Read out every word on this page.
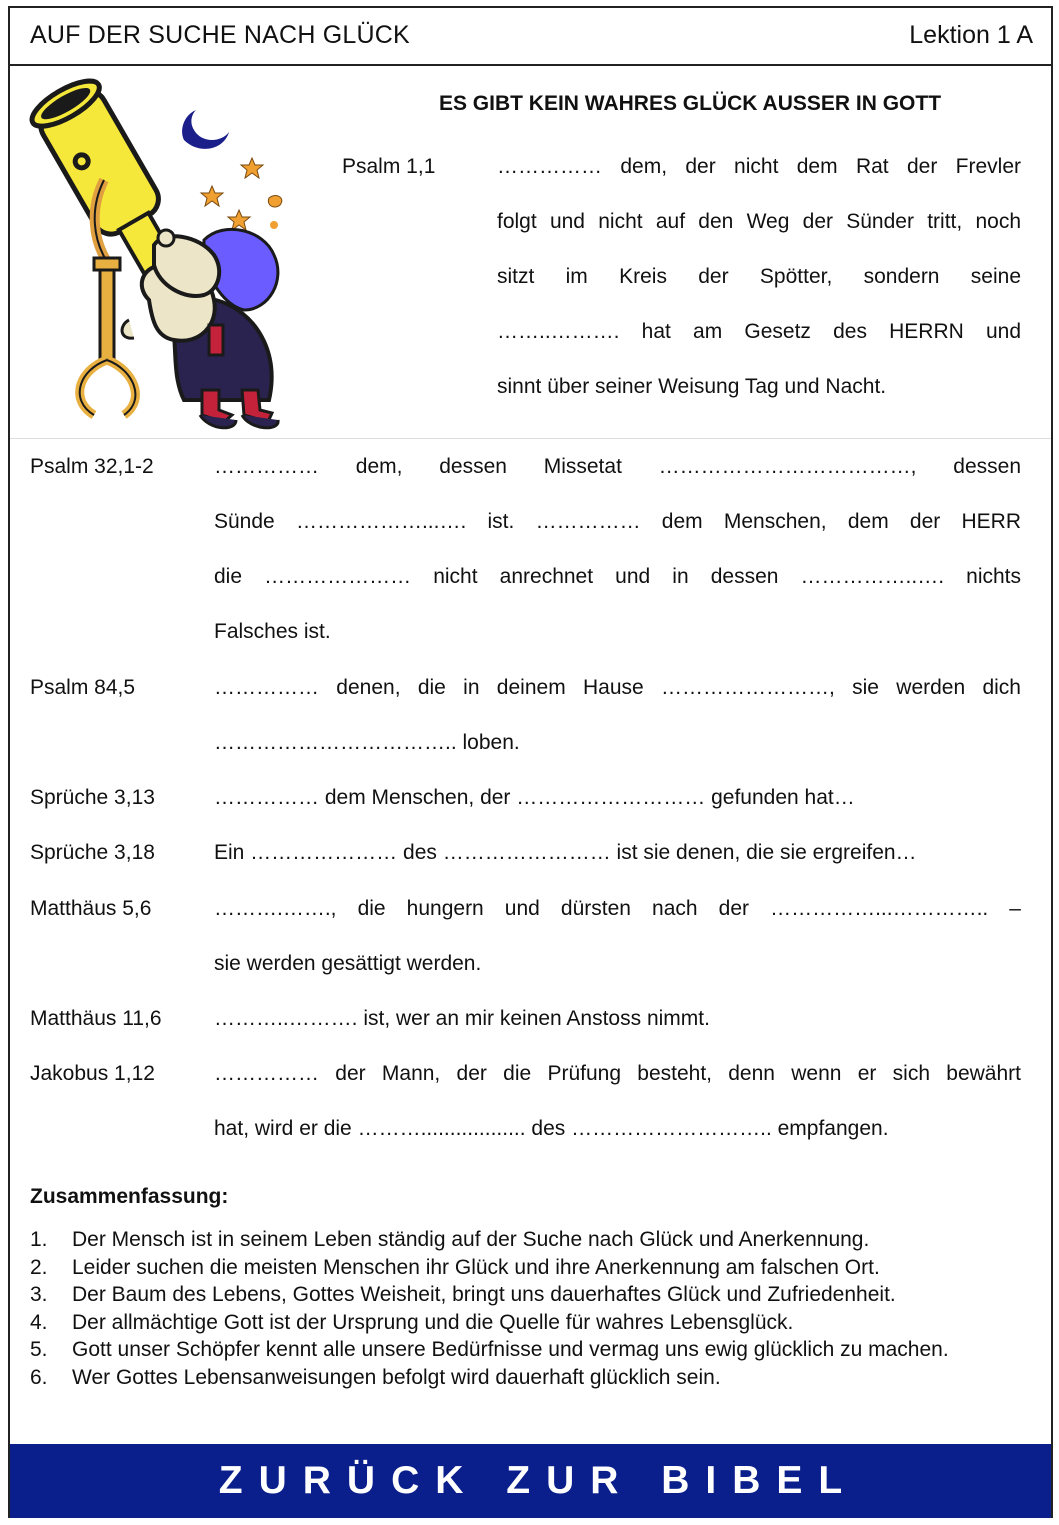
AUF DER SUCHE NACH GLÜCK	Lektion 1 A
ES GIBT KEIN WAHRES GLÜCK AUSSER IN GOTT
Psalm 1,1	…………… dem, der nicht dem Rat der Frevler
folgt und nicht auf den Weg der Sünder tritt, noch
sitzt im Kreis der Spötter, sondern seine
……..………. hat am Gesetz des HERRN und
sinnt über seiner Weisung Tag und Nacht.
Psalm 32,1-2	…………… dem, dessen Missetat ………………………………, dessen
Sünde ………………...…. ist. …………… dem Menschen, dem der HERR
die ………………… nicht anrechnet und in dessen ……………..…. nichts
Falsches ist.
Psalm 84,5	…………… denen, die in deinem Hause ……………………, sie werden dich
…………………………….. loben.
Sprüche 3,13	…………… dem Menschen, der ……………………… gefunden hat…
Sprüche 3,18	Ein ………………… des …………………… ist sie denen, die sie ergreifen…
Matthäus 5,6	……….……., die hungern und dürsten nach der ……………...………….. –
sie werden gesättigt werden.
Matthäus 11,6 ………..………. ist, wer an mir keinen Anstoss nimmt.
Jakobus 1,12	…………… der Mann, der die Prüfung besteht, denn wenn er sich bewährt
hat, wird er die ……….................. des ……………………….. empfangen.
Zusammenfassung:
1. Der Mensch ist in seinem Leben ständig auf der Suche nach Glück und Anerkennung.
2. Leider suchen die meisten Menschen ihr Glück und ihre Anerkennung am falschen Ort.
3. Der Baum des Lebens, Gottes Weisheit, bringt uns dauerhaftes Glück und Zufriedenheit.
4. Der allmächtige Gott ist der Ursprung und die Quelle für wahres Lebensglück.
5. Gott unser Schöpfer kennt alle unsere Bedürfnisse und vermag uns ewig glücklich zu machen.
6. Wer Gottes Lebensanweisungen befolgt wird dauerhaft glücklich sein.
ZURÜCK ZUR BIBEL
